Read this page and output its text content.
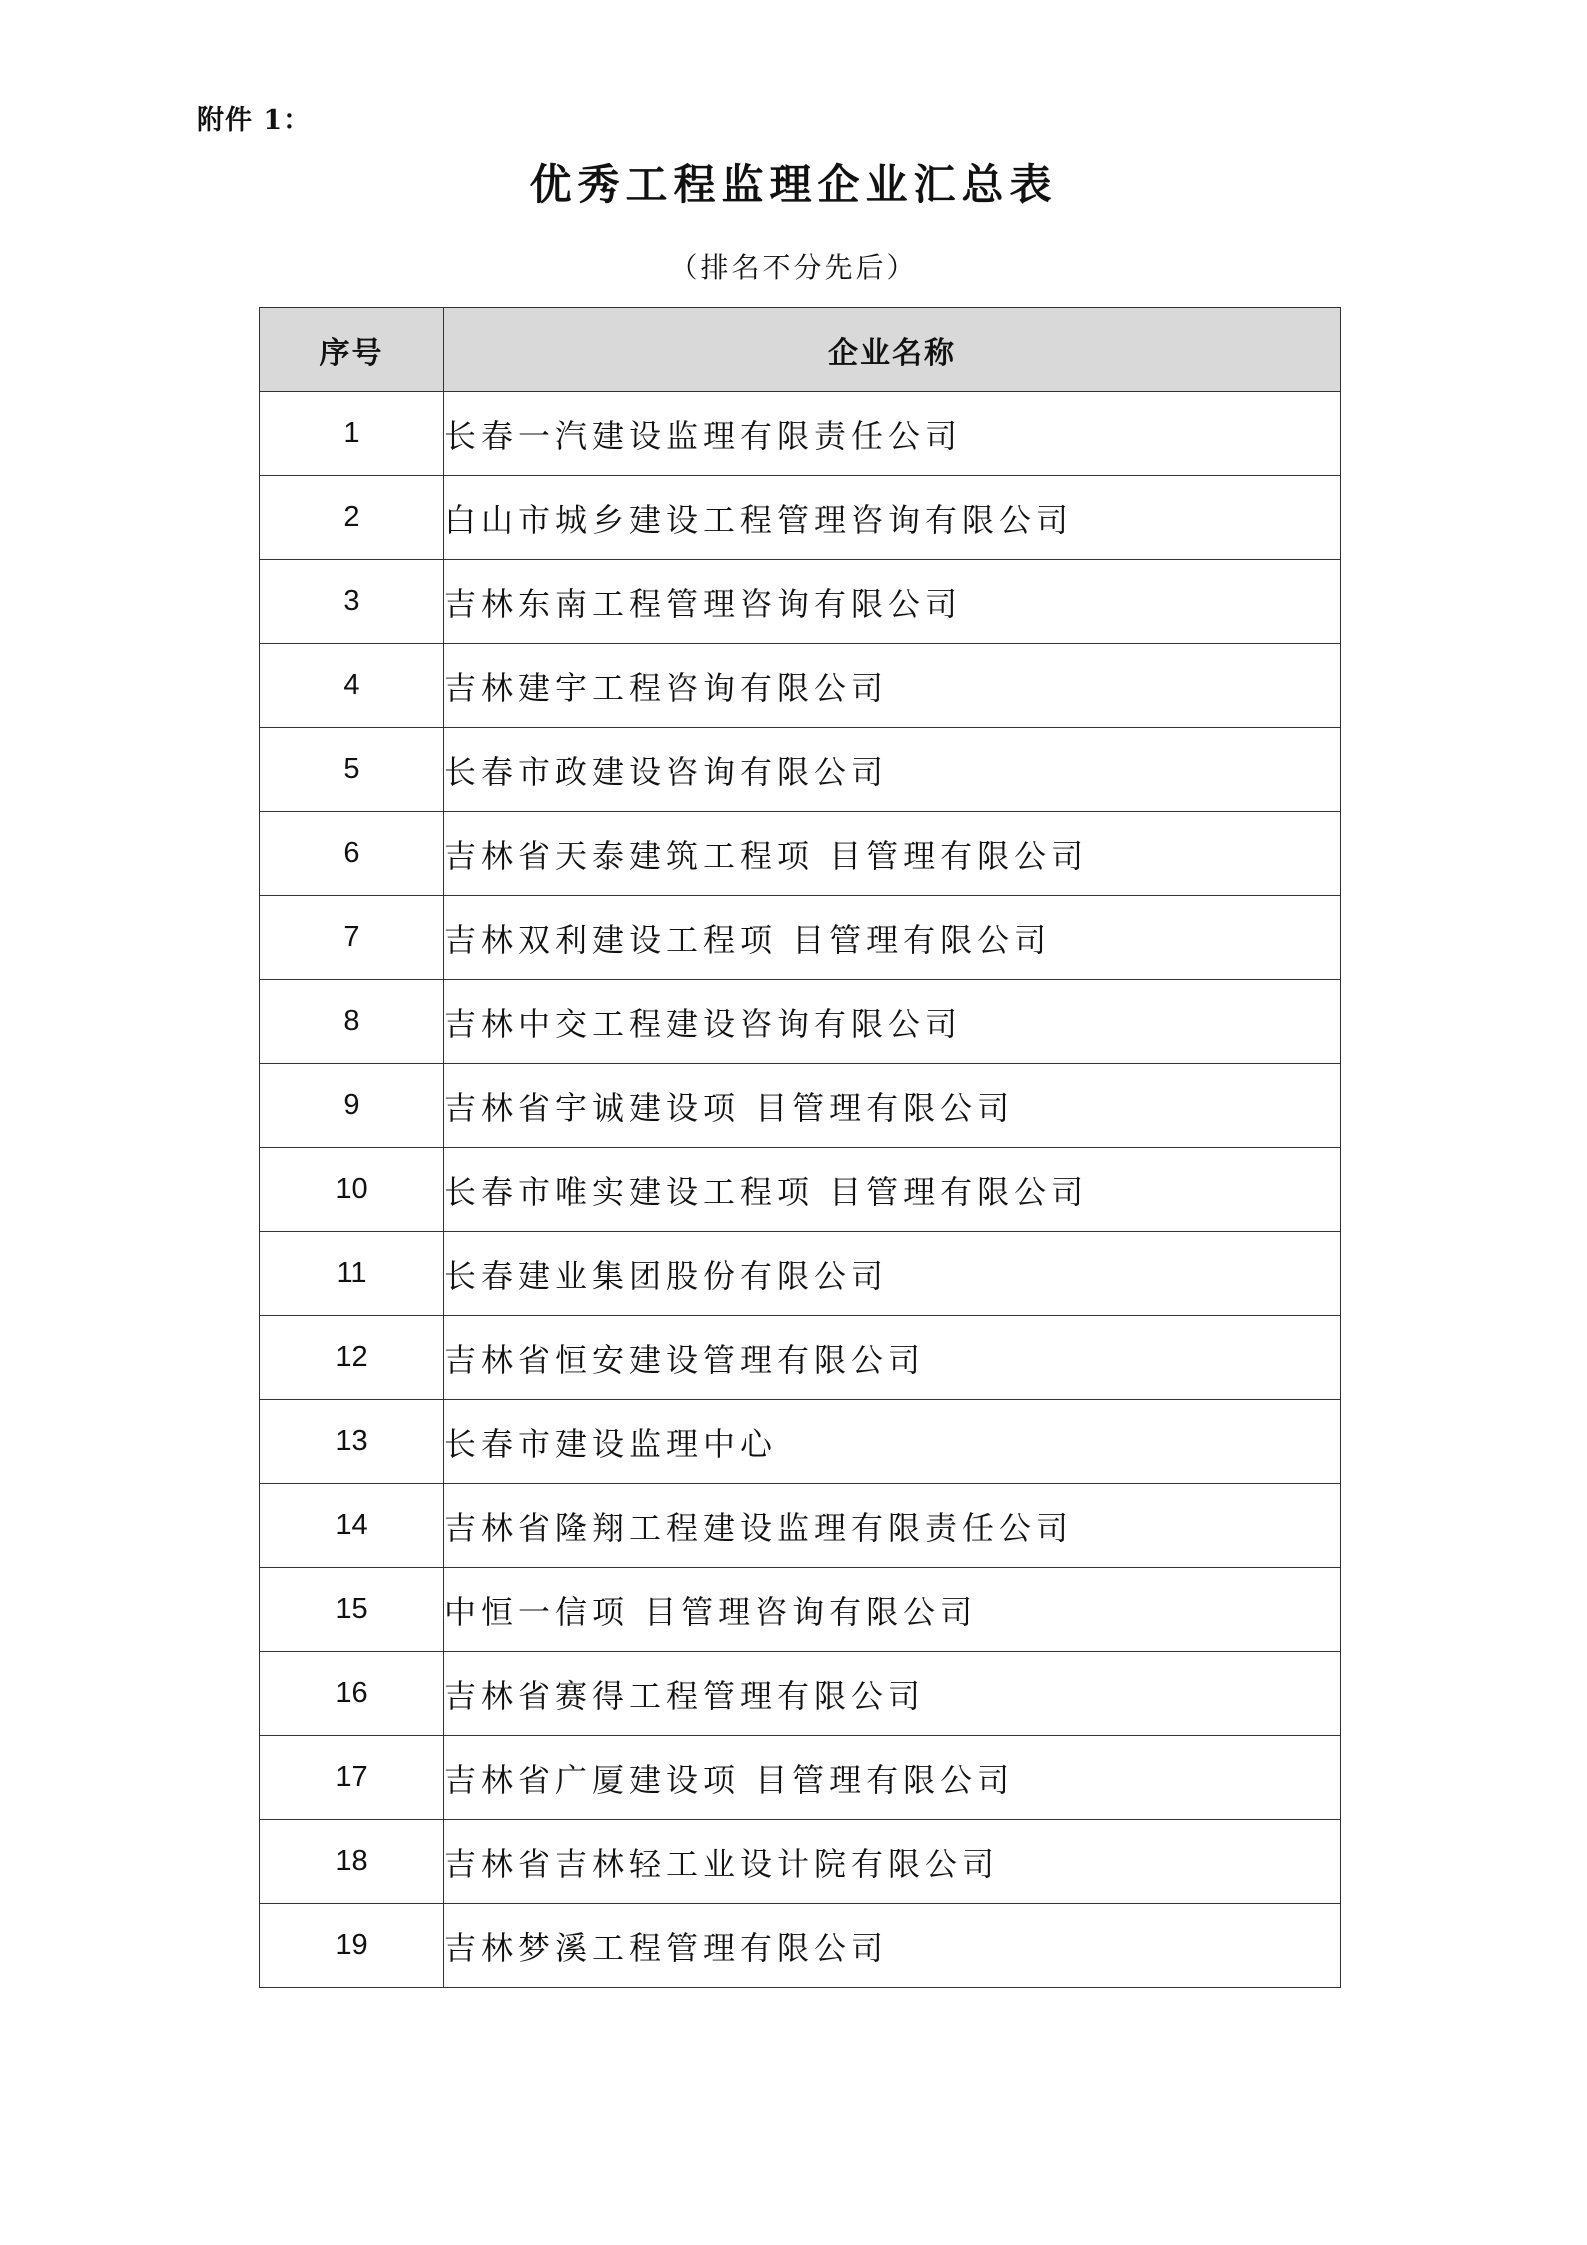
附件 1：
优秀工程监理企业汇总表
（排名不分先后）
序号	企业名称
1	长春一汽建设监理有限责任公司
2	白山市城乡建设工程管理咨询有限公司
3	吉林东南工程管理咨询有限公司
4	吉林建宇工程咨询有限公司
5	长春市政建设咨询有限公司
6	吉林省天泰建筑工程项 目管理有限公司
7	吉林双利建设工程项 目管理有限公司
8	吉林中交工程建设咨询有限公司
9	吉林省宇诚建设项 目管理有限公司
10	长春市唯实建设工程项 目管理有限公司
11	长春建业集团股份有限公司
12	吉林省恒安建设管理有限公司
13	长春市建设监理中心
14	吉林省隆翔工程建设监理有限责任公司
15	中恒一信项 目管理咨询有限公司
16	吉林省赛得工程管理有限公司
17	吉林省广厦建设项 目管理有限公司
18	吉林省吉林轻工业设计院有限公司
19	吉林梦溪工程管理有限公司
